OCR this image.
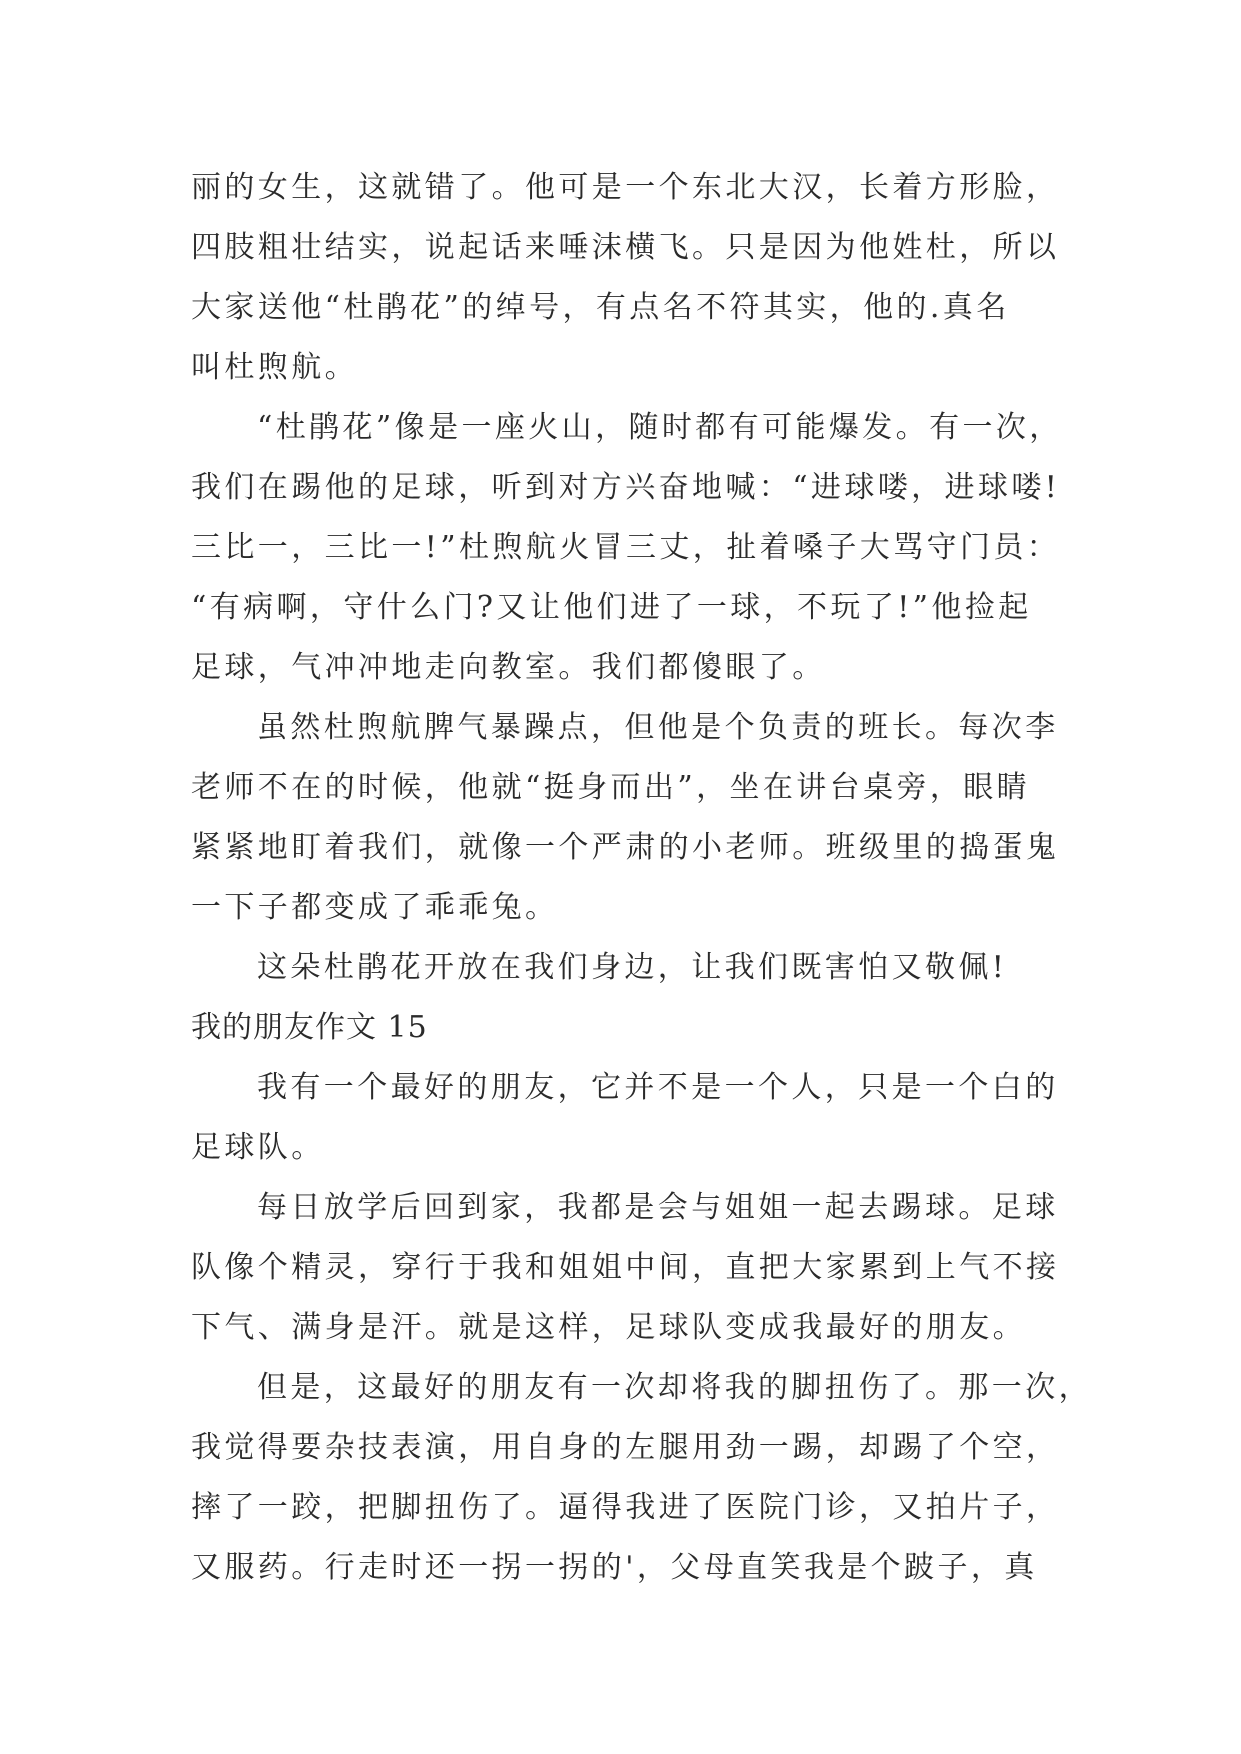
丽的女生，这就错了。他可是一个东北大汉，长着方形脸，
四肢粗壮结实，说起话来唾沫横飞。只是因为他姓杜，所以
大家送他“杜鹃花”的绰号，有点名不符其实，他的.真名
叫杜煦航。
“杜鹃花”像是一座火山，随时都有可能爆发。有一次，
我们在踢他的足球，听到对方兴奋地喊：“进球喽，进球喽!
三比一，三比一!”杜煦航火冒三丈，扯着嗓子大骂守门员：
“有病啊，守什么门?又让他们进了一球，不玩了!”他捡起
足球，气冲冲地走向教室。我们都傻眼了。
虽然杜煦航脾气暴躁点，但他是个负责的班长。每次李
老师不在的时候，他就“挺身而出”，坐在讲台桌旁，眼睛
紧紧地盯着我们，就像一个严肃的小老师。班级里的捣蛋鬼
一下子都变成了乖乖兔。
这朵杜鹃花开放在我们身边，让我们既害怕又敬佩!
我的朋友作文 15
我有一个最好的朋友，它并不是一个人，只是一个白的
足球队。
每日放学后回到家，我都是会与姐姐一起去踢球。足球
队像个精灵，穿行于我和姐姐中间，直把大家累到上气不接
下气、满身是汗。就是这样，足球队变成我最好的朋友。
但是，这最好的朋友有一次却将我的脚扭伤了。那一次，
我觉得要杂技表演，用自身的左腿用劲一踢，却踢了个空，
摔了一跤，把脚扭伤了。逼得我进了医院门诊，又拍片子，
又服药。行走时还一拐一拐的'，父母直笑我是个跛子，真
